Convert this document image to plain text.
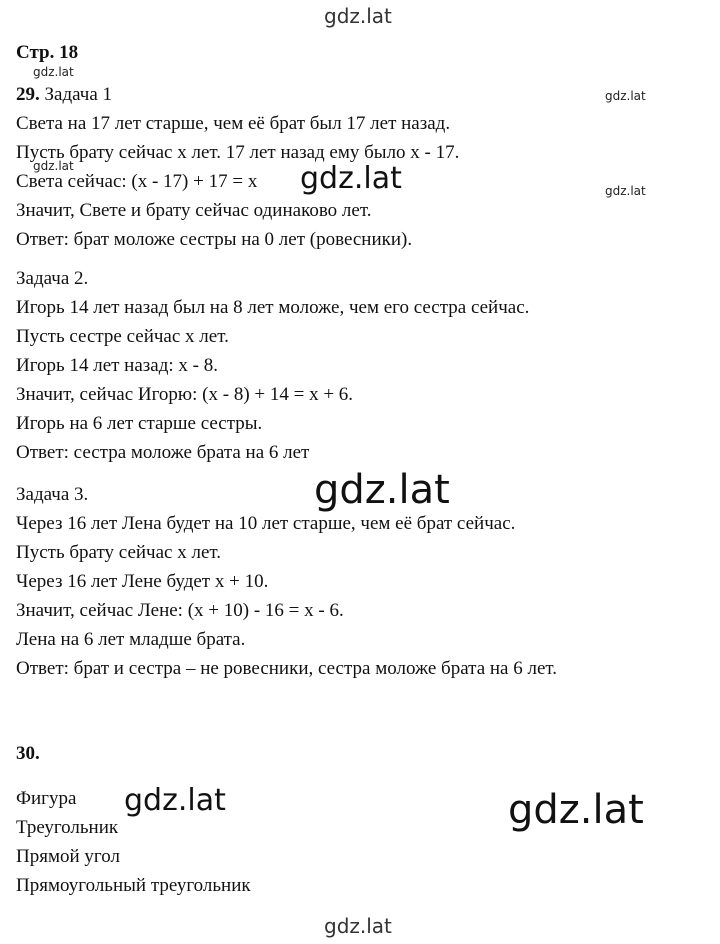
gdz.lat
gdz.lat
gdz.lat
gdz.lat
gdz.lat
Стр. 18
29. Задача 1
Света на 17 лет старше, чем её брат был 17 лет назад.
Пусть брату сейчас x лет. 17 лет назад ему было x - 17.
Света сейчас: (x - 17) + 17 = x
Значит, Свете и брату сейчас одинаково лет.
Ответ: брат моложе сестры на 0 лет (ровесники).
Задача 2.
Игорь 14 лет назад был на 8 лет моложе, чем его сестра сейчас.
Пусть сестре сейчас x лет.
Игорь 14 лет назад: x - 8.
Значит, сейчас Игорю: (x - 8) + 14 = x + 6.
Игорь на 6 лет старше сестры.
Ответ: сестра моложе брата на 6 лет
Задача 3.
Через 16 лет Лена будет на 10 лет старше, чем её брат сейчас.
Пусть брату сейчас x лет.
Через 16 лет Лене будет x + 10.
Значит, сейчас Лене: (x + 10) - 16 = x - 6.
Лена на 6 лет младше брата.
Ответ: брат и сестра – не ровесники, сестра моложе брата на 6 лет.
30.
Фигура
Треугольник
Прямой угол
Прямоугольный треугольник
gdz.lat
gdz.lat
gdz.lat	gdz.lat
gdz.lat
